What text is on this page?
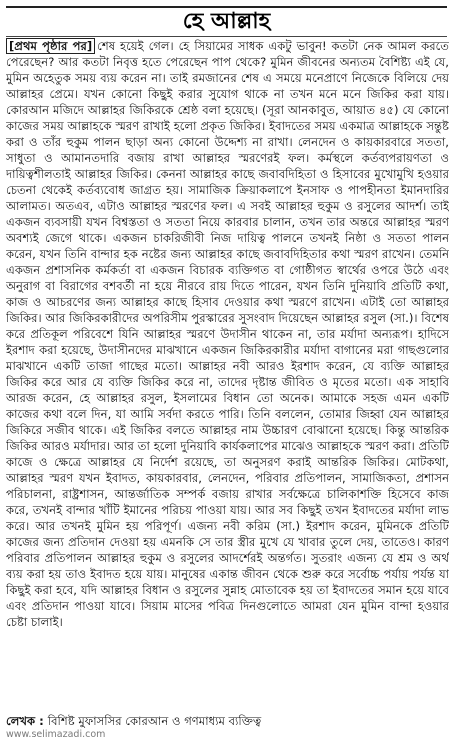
হে আল্লাহ

[প্রথম পৃষ্ঠার পর] শেষ হয়েই গেল। হে সিয়ামের সাধক একটু ভাবুন! কতটা নেক আমল করতে পেরেছেন? আর কতটা নিবৃত্ত হতে পেরেছেন পাপ থেকে? মুমিন জীবনের অন্যতম বৈশিষ্ট্য এই যে, মুমিন অহেতুক সময় ব্যয় করেন না। তাই রমজানের শেষ এ সময়ে মনেপ্রাণে নিজেকে বিলিয়ে দেয় আল্লাহর প্রেমে। যখন কোনো কিছুই করার সুযোগ থাকে না তখন মনে মনে জিকির করা যায়। কোরআন মজিদে আল্লাহর জিকিরকে শ্রেষ্ঠ বলা হয়েছে। (সূরা আনকাবুত, আয়াত ৪৫) যে কোনো কাজের সময় আল্লাহকে স্মরণ রাখাই হলো প্রকৃত জিকির। ইবাদতের সময় একমাত্র আল্লাহকে সন্তুষ্ট করা ও তাঁর হুকুম পালন ছাড়া অন্য কোনো উদ্দেশ্য না রাখা। লেনদেন ও কায়কারবারে সততা, সাধুতা ও আমানতদারি বজায় রাখা আল্লাহর স্মরণেরই ফল। কর্মস্থলে কর্তব্যপরায়ণতা ও দায়িত্বশীলতাই আল্লাহর জিকির। কেননা আল্লাহর কাছে জবাবদিহিতা ও হিসাবের মুখোমুখি হওয়ার চেতনা থেকেই কর্তব্যবোধ জাগ্রত হয়। সামাজিক ক্রিয়াকলাপে ইনসাফ ও পাপহীনতা ইমানদারির আলামত। অতএব, এটাও আল্লাহর স্মরণের ফল। এ সবই আল্লাহর হুকুম ও রসুলের আদর্শ। তাই একজন ব্যবসায়ী যখন বিশ্বস্ততা ও সততা নিয়ে কারবার চালান, তখন তার অন্তরে আল্লাহর স্মরণ অবশ্যই জেগে থাকে। একজন চাকরিজীবী নিজ দায়িত্ব পালনে তখনই নিষ্ঠা ও সততা পালন করেন, যখন তিনি বান্দার হক নষ্টের জন্য আল্লাহর কাছে জবাবদিহিতার কথা স্মরণ রাখেন। তেমনি একজন প্রশাসনিক কর্মকর্তা বা একজন বিচারক ব্যক্তিগত বা গোষ্ঠীগত স্বার্থের ওপরে উঠে এবং অনুরাগ বা বিরাগের বশবর্তী না হয়ে নীরবে রায় দিতে পারেন, যখন তিনি দুনিয়াবি প্রতিটি কথা, কাজ ও আচরণের জন্য আল্লাহর কাছে হিসাব দেওয়ার কথা স্মরণে রাখেন। এটাই তো আল্লাহর জিকির। আর জিকিরকারীদের অপরিসীম পুরস্কারের সুসংবাদ দিয়েছেন আল্লাহর রসুল (সা.)। বিশেষ করে প্রতিকূল পরিবেশে যিনি আল্লাহর স্মরণে উদাসীন থাকেন না, তার মর্যাদা অন্যরূপ। হাদিসে ইরশাদ করা হয়েছে, উদাসীনদের মাঝখানে একজন জিকিরকারীর মর্যাদা বাগানের মরা গাছগুলোর মাঝখানে একটি তাজা গাছের মতো। আল্লাহর নবী আরও ইরশাদ করেন, যে ব্যক্তি আল্লাহর জিকির করে আর যে ব্যক্তি জিকির করে না, তাদের দৃষ্টান্ত জীবিত ও মৃতের মতো। এক সাহাবি আরজ করেন, হে আল্লাহর রসুল, ইসলামের বিধান তো অনেক। আমাকে সহজ এমন একটি কাজের কথা বলে দিন, যা আমি সর্বদা করতে পারি। তিনি বললেন, তোমার জিহ্বা যেন আল্লাহর জিকিরে সজীব থাকে। এই জিকির বলতে আল্লাহর নাম উচ্চারণ বোঝানো হয়েছে। কিন্তু আন্তরিক জিকির আরও মর্যাদার। আর তা হলো দুনিয়াবি কার্যকলাপের মাঝেও আল্লাহকে স্মরণ করা। প্রতিটি কাজে ও ক্ষেত্রে আল্লাহর যে নির্দেশ রয়েছে, তা অনুসরণ করাই আন্তরিক জিকির। মোটকথা, আল্লাহর স্মরণ যখন ইবাদত, কায়কারবার, লেনদেন, পরিবার প্রতিপালন, সামাজিকতা, প্রশাসন পরিচালনা, রাষ্ট্রশাসন, আন্তর্জাতিক সম্পর্ক বজায় রাখার সর্বক্ষেত্রে চালিকাশক্তি হিসেবে কাজ করে, তখনই বান্দার খাঁটি ইমানের পরিচয় পাওয়া যায়। আর সব কিছুই তখন ইবাদতের মর্যাদা লাভ করে। আর তখনই মুমিন হয় পরিপূর্ণ। এজন্য নবী করিম (সা.) ইরশাদ করেন, মুমিনকে প্রতিটি কাজের জন্য প্রতিদান দেওয়া হয় এমনকি সে তার স্ত্রীর মুখে যে খাবার তুলে দেয়, তাতেও। কারণ পরিবার প্রতিপালন আল্লাহর হুকুম ও রসুলের আদর্শেরই অন্তর্গত। সুতরাং এজন্য যে শ্রম ও অর্থ ব্যয় করা হয় তাও ইবাদত হয়ে যায়। মানুষের একান্ত জীবন থেকে শুরু করে সর্বোচ্চ পর্যায় পর্যন্ত যা কিছুই করা হবে, যদি আল্লাহর বিধান ও রসুলের সুন্নাহ মোতাবেক হয় তা ইবাদতের সমান হয়ে যাবে এবং প্রতিদান পাওয়া যাবে। সিয়াম মাসের পবিত্র দিনগুলোতে আমরা যেন মুমিন বান্দা হওয়ার চেষ্টা চালাই।

লেখক : বিশিষ্ট মুফাসসির কোরআন ও গণমাধ্যম ব্যক্তিত্ব
www.selimazadi.com
